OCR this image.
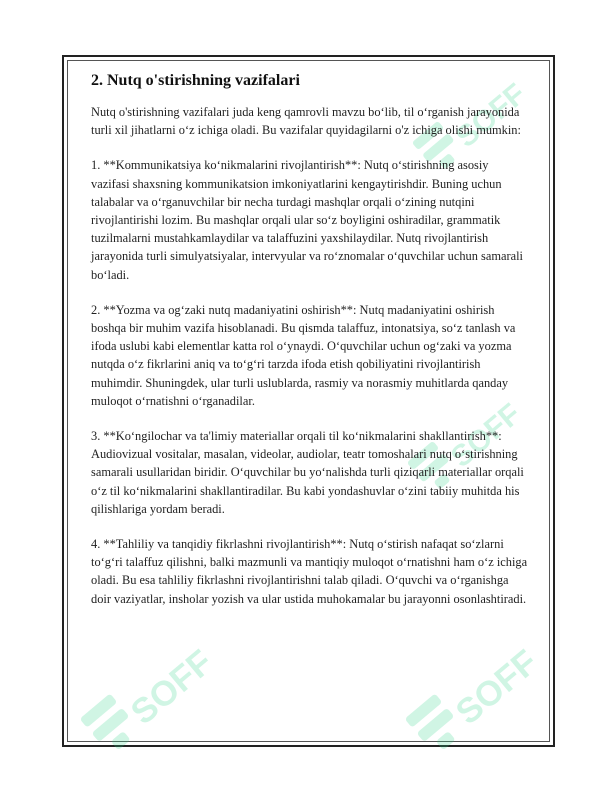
SOFF
SOFF
SOFF	SOFF
2. Nutq o'stirishning vazifalari

Nutq o'stirishning vazifalari juda keng qamrovli mavzu bo‘lib, til o‘rganish jarayonida turli xil jihatlarni o‘z ichiga oladi. Bu vazifalar quyidagilarni o'z ichiga olishi mumkin:

1. **Kommunikatsiya ko‘nikmalarini rivojlantirish**: Nutq o‘stirishning asosiy vazifasi shaxsning kommunikatsion imkoniyatlarini kengaytirishdir. Buning uchun talabalar va o‘rganuvchilar bir necha turdagi mashqlar orqali o‘zining nutqini rivojlantirishi lozim. Bu mashqlar orqali ular so‘z boyligini oshiradilar, grammatik tuzilmalarni mustahkamlaydilar va talaffuzini yaxshilaydilar. Nutq rivojlantirish jarayonida turli simulyatsiyalar, intervyular va ro‘znomalar o‘quvchilar uchun samarali bo‘ladi.

2. **Yozma va og‘zaki nutq madaniyatini oshirish**: Nutq madaniyatini oshirish boshqa bir muhim vazifa hisoblanadi. Bu qismda talaffuz, intonatsiya, so‘z tanlash va ifoda uslubi kabi elementlar katta rol o‘ynaydi. O‘quvchilar uchun og‘zaki va yozma nutqda o‘z fikrlarini aniq va to‘g‘ri tarzda ifoda etish qobiliyatini rivojlantirish muhimdir. Shuningdek, ular turli uslublarda, rasmiy va norasmiy muhitlarda qanday muloqot o‘rnatishni o‘rganadilar.

3. **Ko‘ngilochar va ta'limiy materiallar orqali til ko‘nikmalarini shakllantirish**: Audiovizual vositalar, masalan, videolar, audiolar, teatr tomoshalari nutq o‘stirishning samarali usullaridan biridir. O‘quvchilar bu yo‘nalishda turli qiziqarli materiallar orqali o‘z til ko‘nikmalarini shakllantiradilar. Bu kabi yondashuvlar o‘zini tabiiy muhitda his qilishlariga yordam beradi.

4. **Tahliliy va tanqidiy fikrlashni rivojlantirish**: Nutq o‘stirish nafaqat so‘zlarni to‘g‘ri talaffuz qilishni, balki mazmunli va mantiqiy muloqot o‘rnatishni ham o‘z ichiga oladi. Bu esa tahliliy fikrlashni rivojlantirishni talab qiladi. O‘quvchi va o‘rganishga doir vaziyatlar, insholar yozish va ular ustida muhokamalar bu jarayonni osonlashtiradi.
